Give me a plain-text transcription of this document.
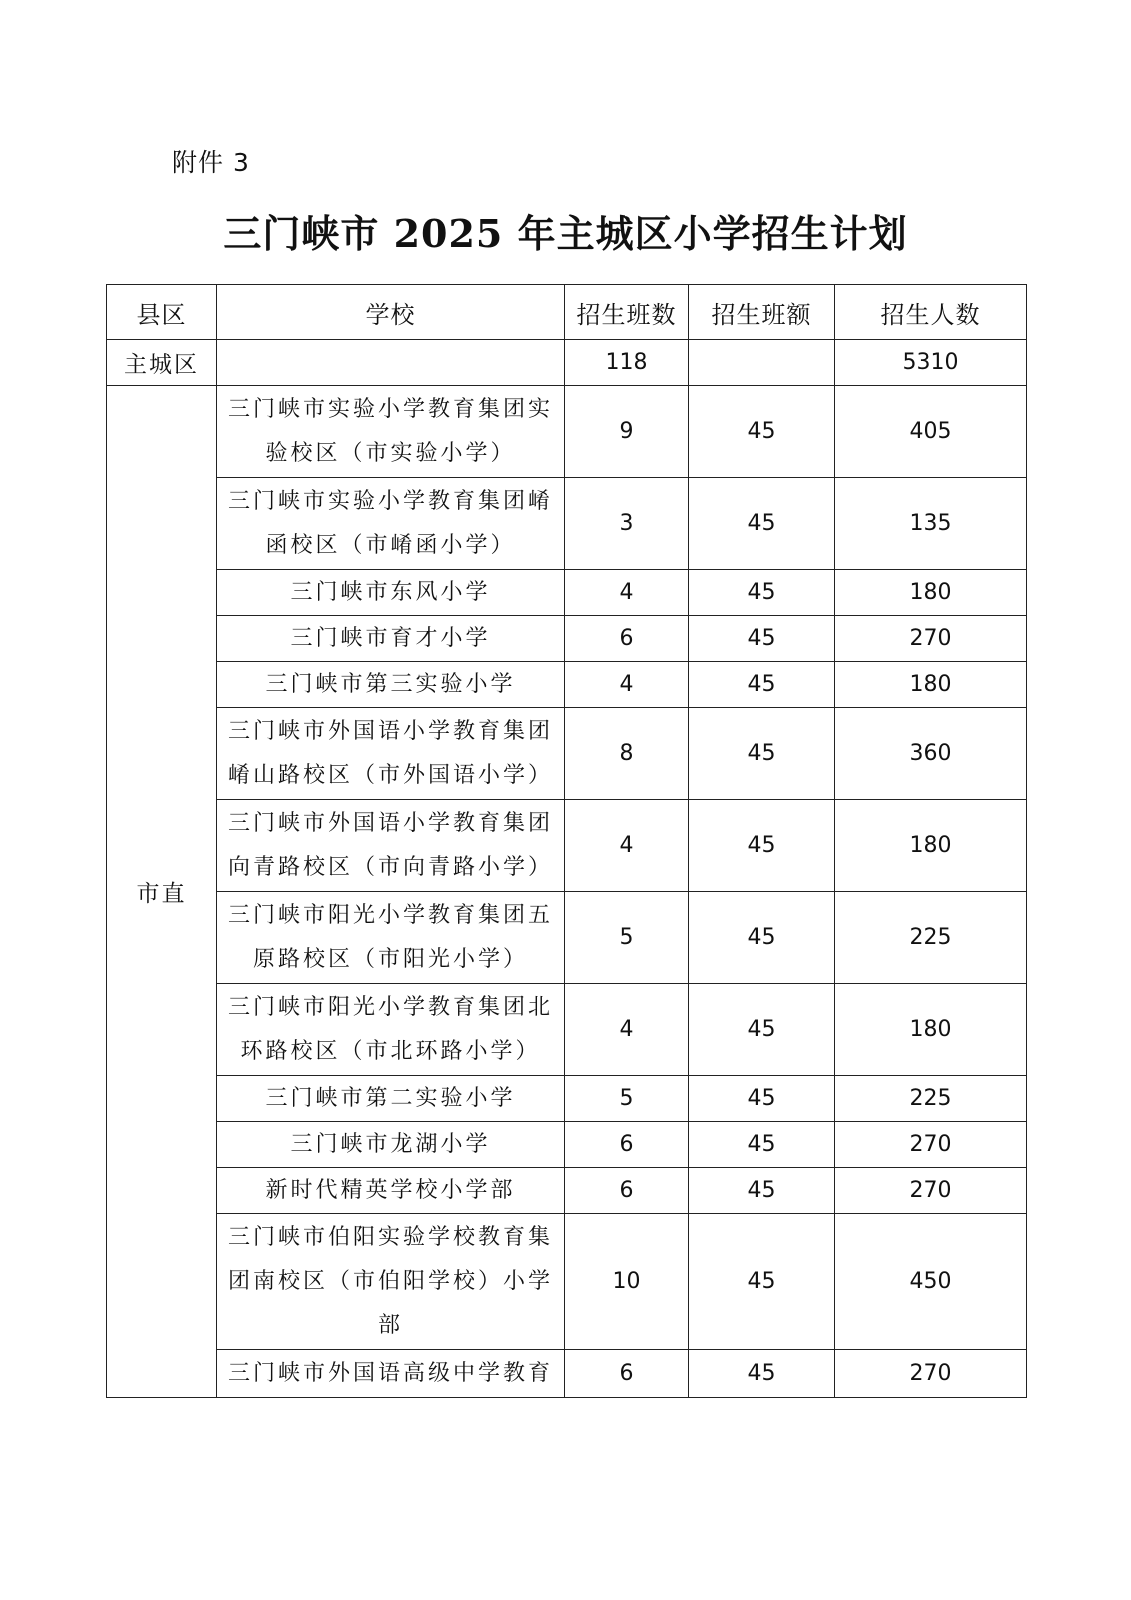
附件 3
三门峡市 2025 年主城区小学招生计划
县区	学校	招生班数	招生班额	招生人数
主城区		118		5310
市直	三门峡市实验小学教育集团实验校区（市实验小学）	9	45	405
	三门峡市实验小学教育集团崤函校区（市崤函小学）	3	45	135
	三门峡市东风小学	4	45	180
	三门峡市育才小学	6	45	270
	三门峡市第三实验小学	4	45	180
	三门峡市外国语小学教育集团崤山路校区（市外国语小学）	8	45	360
	三门峡市外国语小学教育集团向青路校区（市向青路小学）	4	45	180
	三门峡市阳光小学教育集团五原路校区（市阳光小学）	5	45	225
	三门峡市阳光小学教育集团北环路校区（市北环路小学）	4	45	180
	三门峡市第二实验小学	5	45	225
	三门峡市龙湖小学	6	45	270
	新时代精英学校小学部	6	45	270
	三门峡市伯阳实验学校教育集团南校区（市伯阳学校）小学部	10	45	450
	三门峡市外国语高级中学教育	6	45	270
